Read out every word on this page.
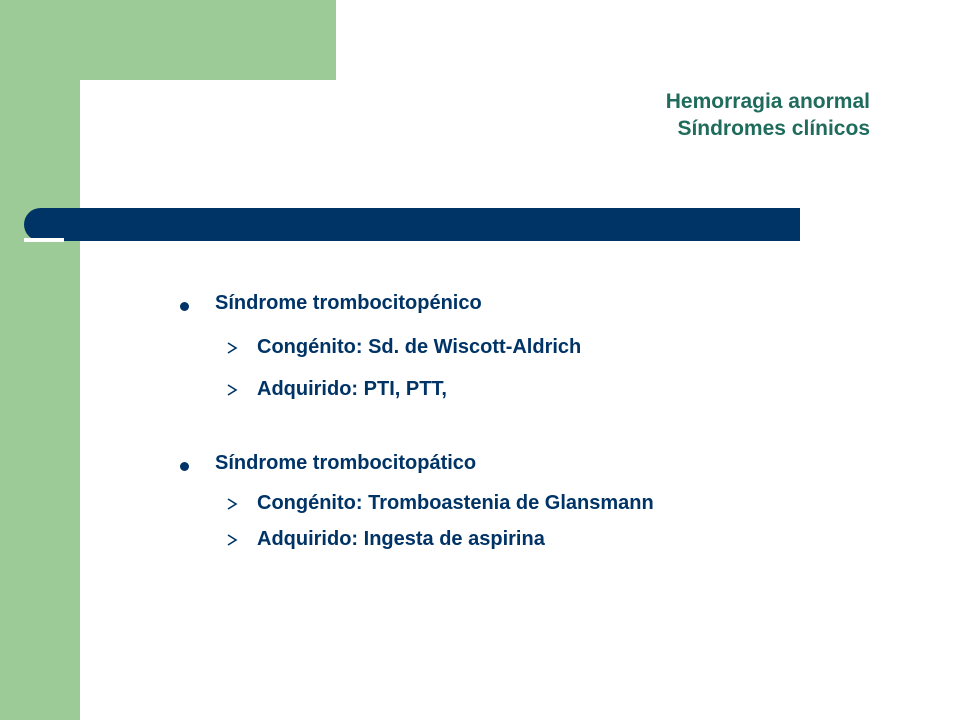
Hemorragia anormal
Síndromes clínicos
Síndrome trombocitopénico
Congénito: Sd. de Wiscott-Aldrich
Adquirido: PTI, PTT,
Síndrome trombocitopático
Congénito: Tromboastenia de Glansmann
Adquirido: Ingesta de aspirina
